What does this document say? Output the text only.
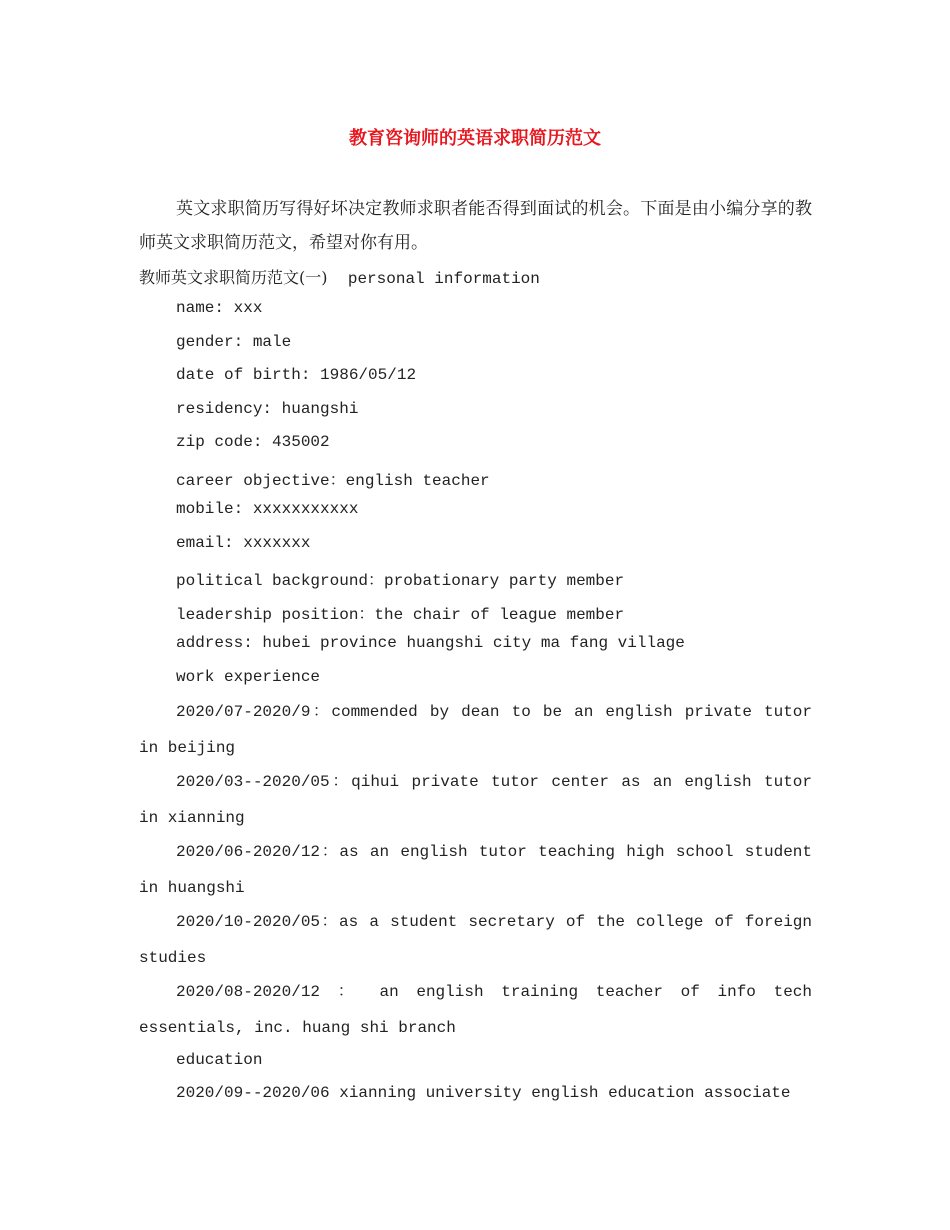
教育咨询师的英语求职简历范文

英文求职简历写得好坏决定教师求职者能否得到面试的机会。下面是由小编分享的教师英文求职简历范文，希望对你有用。

教师英文求职简历范文(一) personal information
name: xxx
gender: male
date of birth: 1986/05/12
residency: huangshi
zip code: 435002
career objective：english teacher
mobile: xxxxxxxxxxx
email: xxxxxxx
political background：probationary party member
leadership position：the chair of league member
address: hubei province huangshi city ma fang village
work experience

2020/07-2020/9：commended by dean to be an english private tutor in beijing

2020/03--2020/05：qihui private tutor center as an english tutor in xianning

2020/06-2020/12：as an english tutor teaching high school student in huangshi

2020/10-2020/05：as a student secretary of the college of foreign studies

2020/08-2020/12 ： an english training teacher of info tech essentials, inc. huang shi branch

education
2020/09--2020/06 xianning university english education associate
